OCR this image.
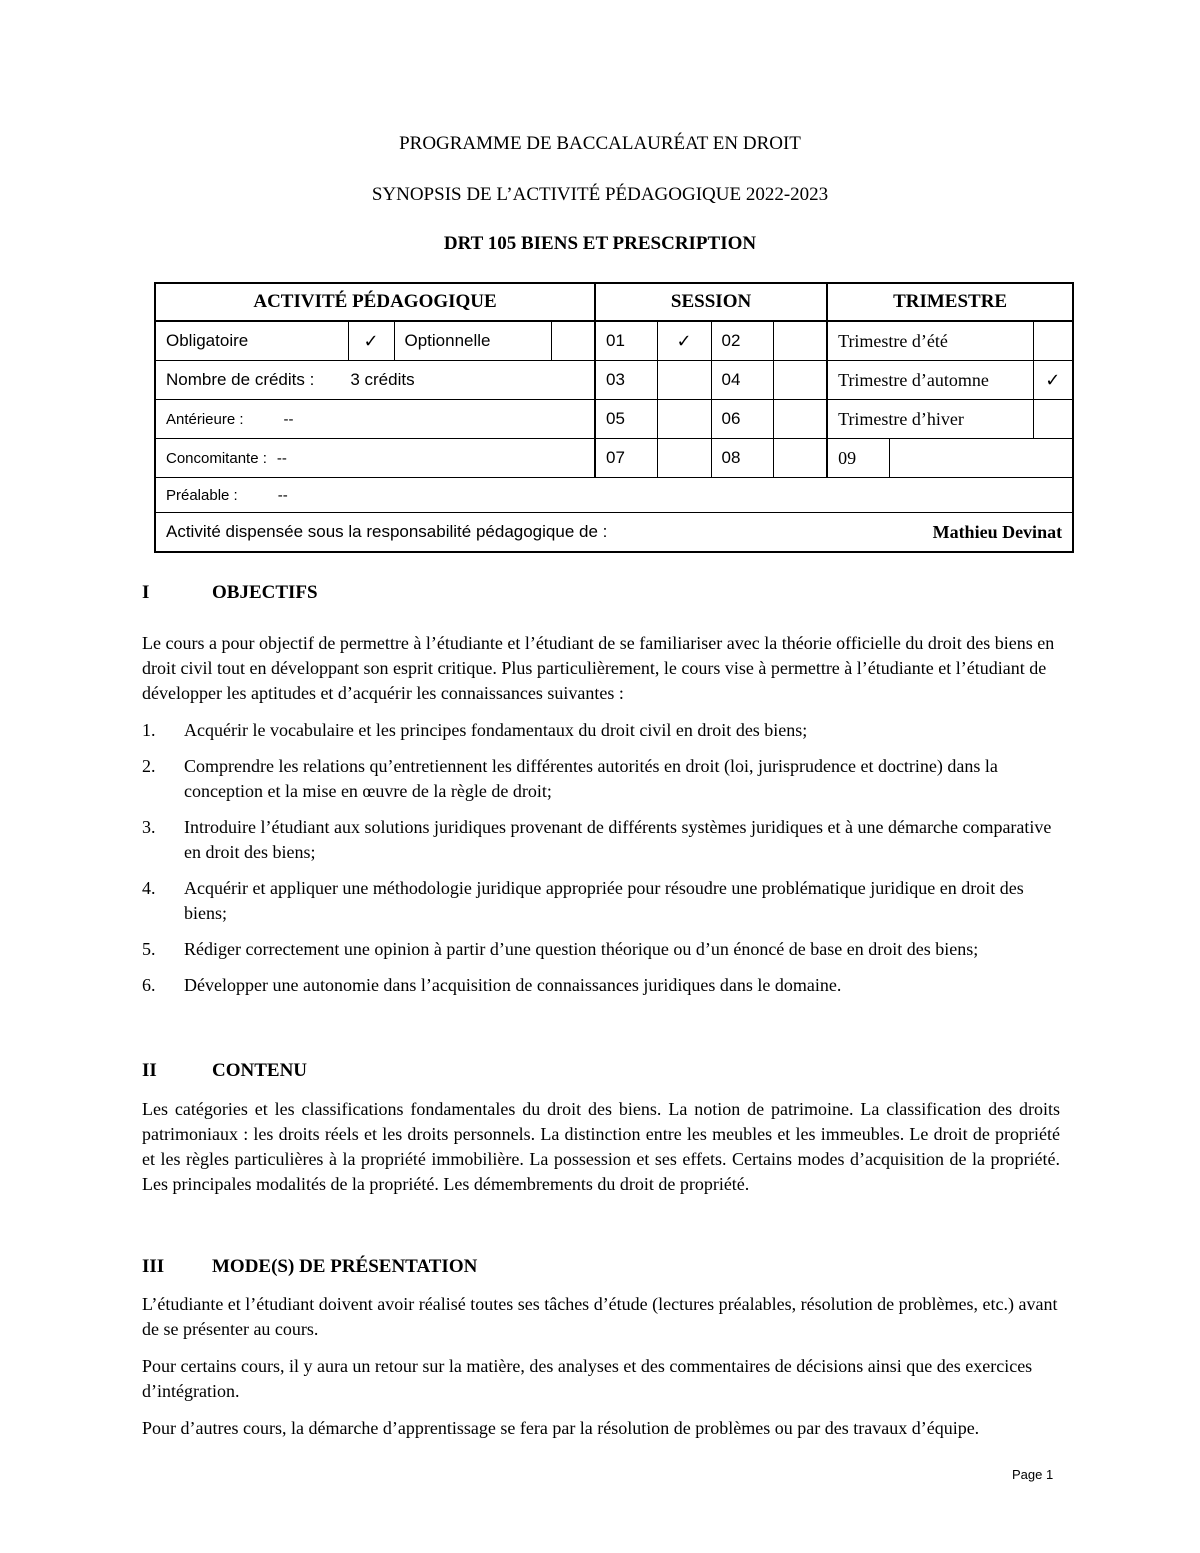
PROGRAMME DE BACCALAURÉAT EN DROIT
SYNOPSIS DE L’ACTIVITÉ PÉDAGOGIQUE 2022-2023
DRT 105 BIENS ET PRESCRIPTION
ACTIVITÉ PÉDAGOGIQUE				SESSION				TRIMESTRE		
Obligatoire	✓	Optionnelle		01	✓	02		Trimestre d’été		
Nombre de crédits : 3 crédits				03		04		Trimestre d’automne		✓
Antérieure : --				05		06		Trimestre d’hiver		
Concomitante : --				07		08		09		
Préalable : --										
Activité dispensée sous la responsabilité pédagogique de : Mathieu Devinat										
I	OBJECTIFS
Le cours a pour objectif de permettre à l’étudiante et l’étudiant de se familiariser avec la théorie officielle du droit des biens en droit civil tout en développant son esprit critique. Plus particulièrement, le cours vise à permettre à l’étudiante et l’étudiant de développer les aptitudes et d’acquérir les connaissances suivantes :
1. Acquérir le vocabulaire et les principes fondamentaux du droit civil en droit des biens;
2. Comprendre les relations qu’entretiennent les différentes autorités en droit (loi, jurisprudence et doctrine) dans la conception et la mise en œuvre de la règle de droit;
3. Introduire l’étudiant aux solutions juridiques provenant de différents systèmes juridiques et à une démarche comparative en droit des biens;
4. Acquérir et appliquer une méthodologie juridique appropriée pour résoudre une problématique juridique en droit des biens;
5. Rédiger correctement une opinion à partir d’une question théorique ou d’un énoncé de base en droit des biens;
6. Développer une autonomie dans l’acquisition de connaissances juridiques dans le domaine.
II	CONTENU
Les catégories et les classifications fondamentales du droit des biens. La notion de patrimoine. La classification des droits patrimoniaux : les droits réels et les droits personnels. La distinction entre les meubles et les immeubles. Le droit de propriété et les règles particulières à la propriété immobilière. La possession et ses effets. Certains modes d’acquisition de la propriété. Les principales modalités de la propriété. Les démembrements du droit de propriété.
III	MODE(S) DE PRÉSENTATION
L’étudiante et l’étudiant doivent avoir réalisé toutes ses tâches d’étude (lectures préalables, résolution de problèmes, etc.) avant de se présenter au cours.
Pour certains cours, il y aura un retour sur la matière, des analyses et des commentaires de décisions ainsi que des exercices d’intégration.
Pour d’autres cours, la démarche d’apprentissage se fera par la résolution de problèmes ou par des travaux d’équipe.
Page 1
